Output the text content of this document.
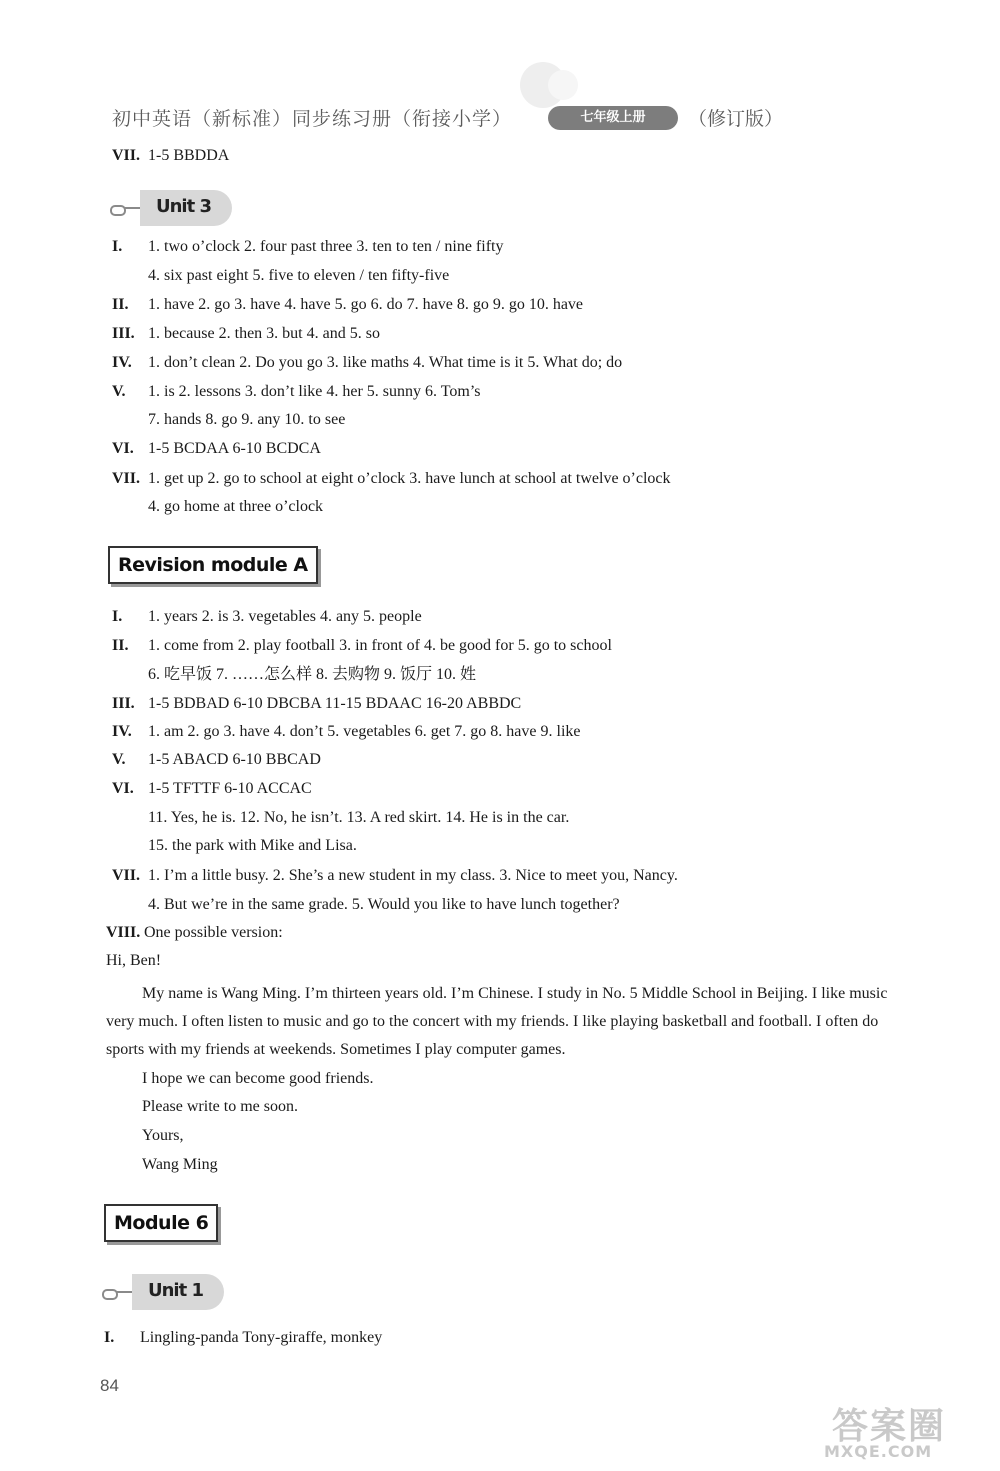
初中英语（新标准）同步练习册（衔接小学）	七年级上册	（修订版）
VII. 1-5 BBDDA
Unit 3
I. 1. two o’clock 2. four past three 3. ten to ten / nine fifty
4. six past eight 5. five to eleven / ten fifty-five
II. 1. have 2. go 3. have 4. have 5. go 6. do 7. have 8. go 9. go 10. have
III. 1. because 2. then 3. but 4. and 5. so
IV. 1. don’t clean 2. Do you go 3. like maths 4. What time is it 5. What do; do
V. 1. is 2. lessons 3. don’t like 4. her 5. sunny 6. Tom’s
7. hands 8. go 9. any 10. to see
VI. 1-5 BCDAA 6-10 BCDCA
VII. 1. get up 2. go to school at eight o’clock 3. have lunch at school at twelve o’clock
4. go home at three o’clock
Revision module A
I. 1. years 2. is 3. vegetables 4. any 5. people
II. 1. come from 2. play football 3. in front of 4. be good for 5. go to school
6. 吃早饭 7. ……怎么样 8. 去购物 9. 饭厅 10. 姓
III. 1-5 BDBAD 6-10 DBCBA 11-15 BDAAC 16-20 ABBDC
IV. 1. am 2. go 3. have 4. don’t 5. vegetables 6. get 7. go 8. have 9. like
V. 1-5 ABACD 6-10 BBCAD
VI. 1-5 TFTTF 6-10 ACCAC
11. Yes, he is. 12. No, he isn’t. 13. A red skirt. 14. He is in the car.
15. the park with Mike and Lisa.
VII. 1. I’m a little busy. 2. She’s a new student in my class. 3. Nice to meet you, Nancy.
4. But we’re in the same grade. 5. Would you like to have lunch together?
VIII. One possible version:
Hi, Ben!
My name is Wang Ming. I’m thirteen years old. I’m Chinese. I study in No. 5 Middle School in Beijing. I like music very much. I often listen to music and go to the concert with my friends. I like playing basketball and football. I often do sports with my friends at weekends. Sometimes I play computer games.
I hope we can become good friends.
Please write to me soon.
Yours,
Wang Ming
Module 6
Unit 1
I. Lingling-panda Tony-giraffe, monkey
84
答案圈
MXQE.COM
